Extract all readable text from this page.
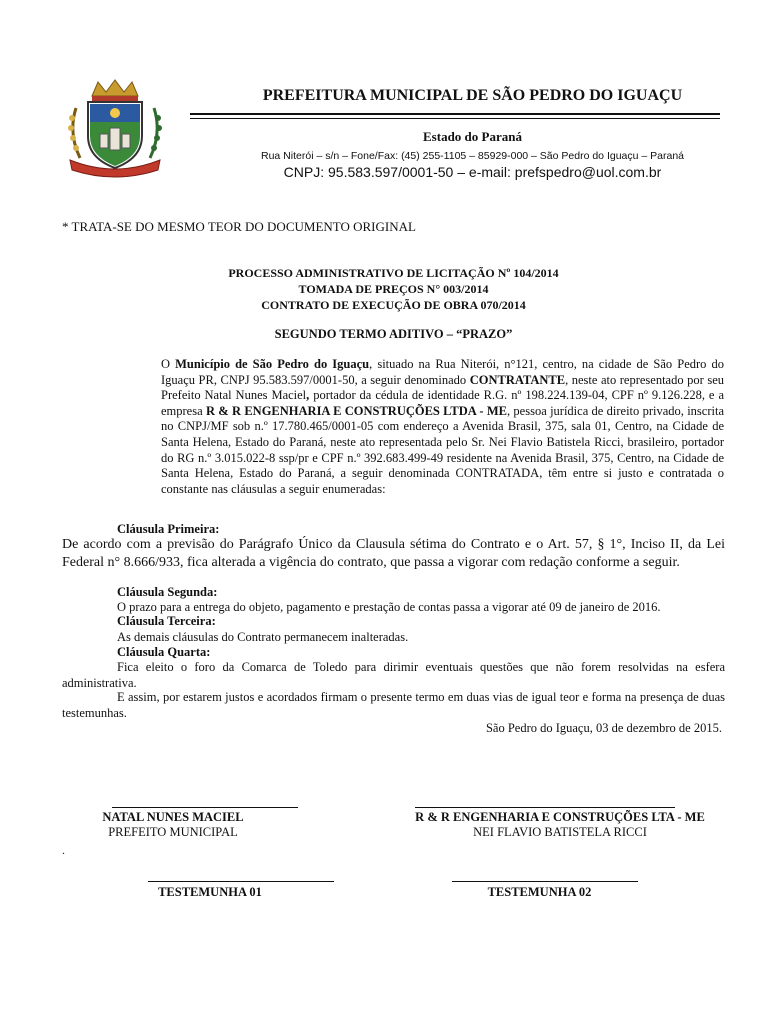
PREFEITURA MUNICIPAL DE SÃO PEDRO DO IGUAÇU
Estado do Paraná
Rua Niterói – s/n – Fone/Fax: (45) 255-1105 – 85929-000 – São Pedro do Iguaçu – Paraná
CNPJ: 95.583.597/0001-50 – e-mail: prefspedro@uol.com.br
* TRATA-SE DO MESMO TEOR DO DOCUMENTO ORIGINAL
PROCESSO ADMINISTRATIVO DE LICITAÇÃO Nº 104/2014
TOMADA DE PREÇOS N° 003/2014
CONTRATO DE EXECUÇÃO DE OBRA 070/2014
SEGUNDO TERMO ADITIVO – “PRAZO”
O Município de São Pedro do Iguaçu, situado na Rua Niterói, n°121, centro, na cidade de São Pedro do Iguaçu PR, CNPJ 95.583.597/0001-50, a seguir denominado CONTRATANTE, neste ato representado por seu Prefeito Natal Nunes Maciel, portador da cédula de identidade R.G. nº 198.224.139-04, CPF nº 9.126.228, e a empresa R & R ENGENHARIA E CONSTRUÇÕES LTDA - ME, pessoa jurídica de direito privado, inscrita no CNPJ/MF sob n.º 17.780.465/0001-05 com endereço a Avenida Brasil, 375, sala 01, Centro, na Cidade de Santa Helena, Estado do Paraná, neste ato representada pelo Sr. Nei Flavio Batistela Ricci, brasileiro, portador do RG n.º 3.015.022-8 ssp/pr e CPF n.º 392.683.499-49 residente na Avenida Brasil, 375, Centro, na Cidade de Santa Helena, Estado do Paraná, a seguir denominada CONTRATADA, têm entre si justo e contratada o constante nas cláusulas a seguir enumeradas:
Cláusula Primeira:
De acordo com a previsão do Parágrafo Único da Clausula sétima do Contrato e o Art. 57, § 1°, Inciso II, da Lei Federal n° 8.666/933, fica alterada a vigência do contrato, que passa a vigorar com redação conforme a seguir.
Cláusula Segunda:
O prazo para a entrega do objeto, pagamento e prestação de contas passa a vigorar até 09 de janeiro de 2016.
Cláusula Terceira:
As demais cláusulas do Contrato permanecem inalteradas.
Cláusula Quarta:
Fica eleito o foro da Comarca de Toledo para dirimir eventuais questões que não forem resolvidas na esfera administrativa.
E assim, por estarem justos e acordados firmam o presente termo em duas vias de igual teor e forma na presença de duas testemunhas.
São Pedro do Iguaçu, 03 de dezembro de 2015.
NATAL NUNES MACIEL
PREFEITO MUNICIPAL
R & R ENGENHARIA E CONSTRUÇÕES LTA - ME
NEI FLAVIO BATISTELA RICCI
.
TESTEMUNHA 01	TESTEMUNHA 02
